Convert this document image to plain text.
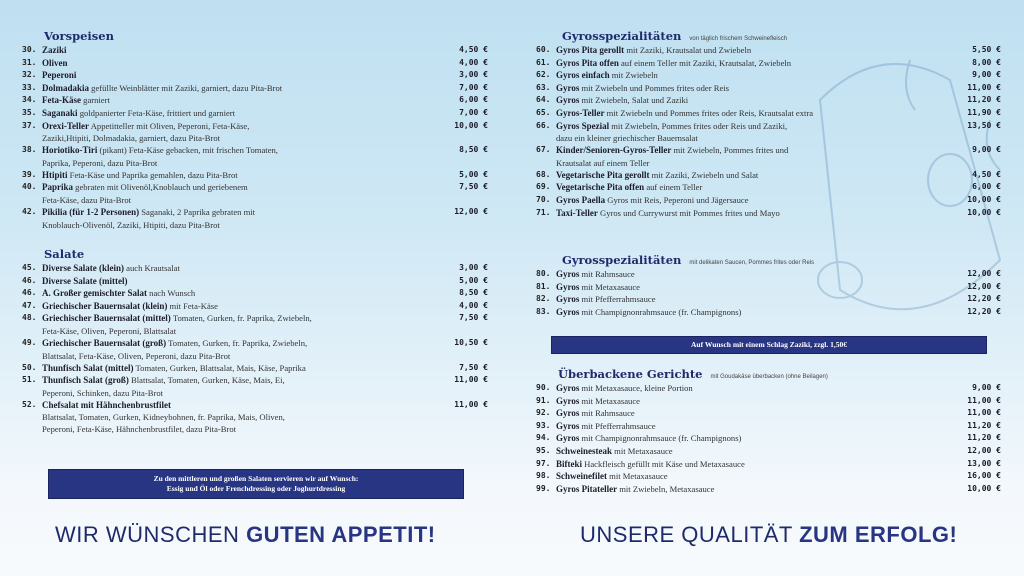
Vorspeisen
30. Zaziki	4,50 €
31. Oliven	4,00 €
32. Peperoni	3,00 €
33. Dolmadakia gefüllte Weinblätter mit Zaziki, garniert, dazu Pita-Brot	7,00 €
34. Feta-Käse garniert	6,00 €
35. Saganaki goldpanierter Feta-Käse, frittiert und garniert	7,00 €
37. Orexi-Teller Appetitteller mit Oliven, Peperoni, Feta-Käse,	10,00 €
Zaziki,Htipiti, Dolmadakia, garniert, dazu Pita-Brot
38. Horiotiko-Tiri (pikant) Feta-Käse gebacken, mit frischen Tomaten,	8,50 €
Paprika, Peperoni, dazu Pita-Brot
39. Htipiti Feta-Käse und Paprika gemahlen, dazu Pita-Brot	5,00 €
40. Paprika gebraten mit Olivenöl,Knoblauch und geriebenem	7,50 €
Feta-Käse, dazu Pita-Brot
42. Pikilia (für 1-2 Personen) Saganaki, 2 Paprika gebraten mit	12,00 €
Knoblauch-Olivenöl, Zaziki, Htipiti, dazu Pita-Brot
Salate
45. Diverse Salate (klein) auch Krautsalat	3,00 €
46. Diverse Salate (mittel)	5,00 €
46. A. Großer gemischter Salat nach Wunsch	8,50 €
47. Griechischer Bauernsalat (klein) mit Feta-Käse	4,00 €
48. Griechischer Bauernsalat (mittel) Tomaten, Gurken, fr. Paprika, Zwiebeln,	7,50 €
Feta-Käse, Oliven, Peperoni, Blattsalat
49. Griechischer Bauernsalat (groß) Tomaten, Gurken, fr. Paprika, Zwiebeln,	10,50 €
Blattsalat, Feta-Käse, Oliven, Peperoni, dazu Pita-Brot
50. Thunfisch Salat (mittel) Tomaten, Gurken, Blattsalat, Mais, Käse, Paprika	7,50 €
51. Thunfisch Salat (groß) Blattsalat, Tomaten, Gurken, Käse, Mais, Ei,	11,00 €
Peperoni, Schinken, dazu Pita-Brot
52. Chefsalat mit Hähnchenbrustfilet	11,00 €
Blattsalat, Tomaten, Gurken, Kidneybohnen, fr. Paprika, Mais, Oliven,
Peperoni, Feta-Käse, Hähnchenbrustfilet, dazu Pita-Brot
Gyrosspezialitäten von täglich frischem Schweinefleisch
60. Gyros Pita gerollt mit Zaziki, Krautsalat und Zwiebeln	5,50 €
61. Gyros Pita offen auf einem Teller mit Zaziki, Krautsalat, Zwiebeln	8,00 €
62. Gyros einfach mit Zwiebeln	9,00 €
63. Gyros mit Zwiebeln und Pommes frites oder Reis	11,00 €
64. Gyros mit Zwiebeln, Salat und Zaziki	11,20 €
65. Gyros-Teller mit Zwiebeln und Pommes frites oder Reis, Krautsalat extra	11,90 €
66. Gyros Spezial mit Zwiebeln, Pommes frites oder Reis und Zaziki,	13,50 €
dazu ein kleiner griechischer Bauernsalat
67. Kinder/Senioren-Gyros-Teller mit Zwiebeln, Pommes frites und	9,00 €
Krautsalat auf einem Teller
68. Vegetarische Pita gerollt mit Zaziki, Zwiebeln und Salat	4,50 €
69. Vegetarische Pita offen auf einem Teller	6,00 €
70. Gyros Paella Gyros mit Reis, Peperoni und Jägersauce	10,00 €
71. Taxi-Teller Gyros und Currywurst mit Pommes frites und Mayo	10,00 €
Gyrosspezialitäten mit delikaten Saucen, Pommes frites oder Reis
80. Gyros mit Rahmsauce	12,00 €
81. Gyros mit Metaxasauce	12,00 €
82. Gyros mit Pfefferrahmsauce	12,20 €
83. Gyros mit Champignonrahmsauce (fr. Champignons)	12,20 €
Überbackene Gerichte mit Goudakäse überbacken (ohne Beilagen)
90. Gyros mit Metaxasauce, kleine Portion	9,00 €
91. Gyros mit Metaxasauce	11,00 €
92. Gyros mit Rahmsauce	11,00 €
93. Gyros mit Pfefferrahmsauce	11,20 €
94. Gyros mit Champignonrahmsauce (fr. Champignons)	11,20 €
95. Schweinesteak mit Metaxasauce	12,00 €
97. Bifteki Hackfleisch gefüllt mit Käse und Metaxasauce	13,00 €
98. Schweinefilet mit Metaxasauce	16,00 €
99. Gyros Pitateller mit Zwiebeln, Metaxasauce	10,00 €
Zu den mittleren und großen Salaten servieren wir auf Wunsch:
Essig und Öl oder Frenchdressing oder Joghurtdressing
Auf Wunsch mit einem Schlag Zaziki, zzgl. 1,50€
WIR WÜNSCHEN GUTEN APPETIT!	UNSERE QUALITÄT ZUM ERFOLG!
